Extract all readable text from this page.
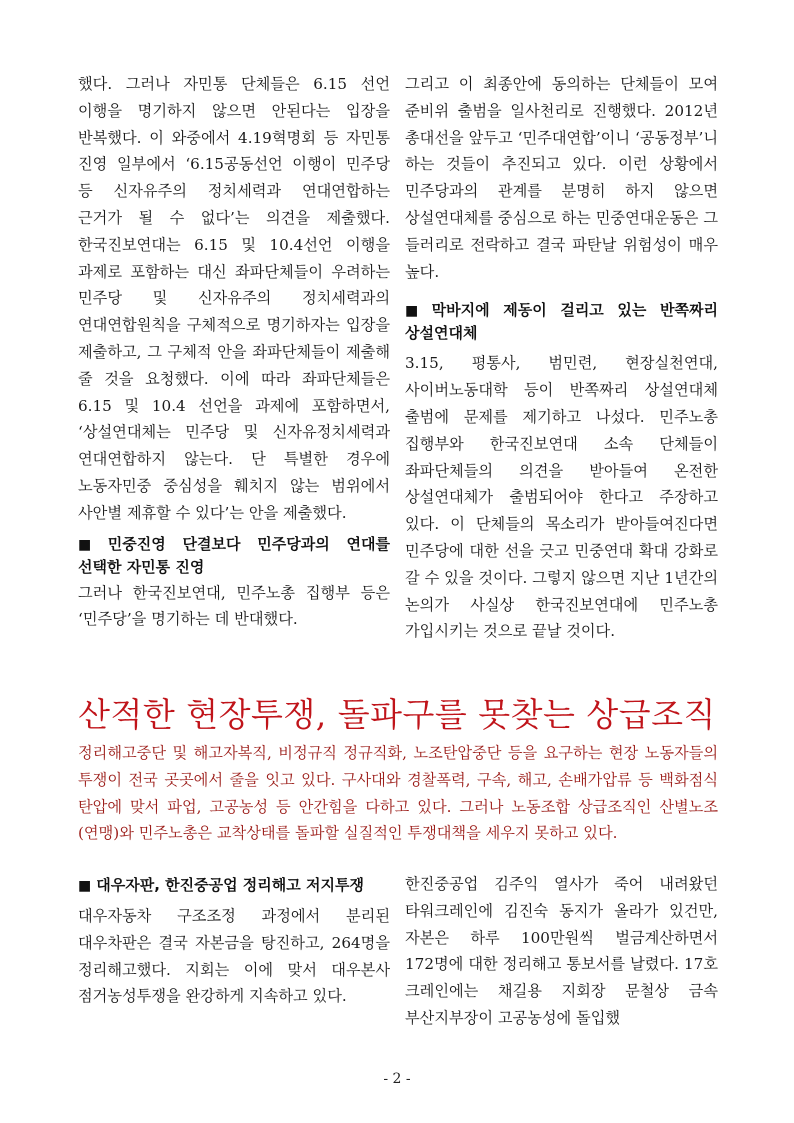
했다. 그러나 자민통 단체들은 6.15 선언 이행을 명기하지 않으면 안된다는 입장을 반복했다. 이 와중에서 4.19혁명회 등 자민통 진영 일부에서 ‘6.15공동선언 이행이 민주당 등 신자유주의 정치세력과 연대연합하는 근거가 될 수 없다’는 의견을 제출했다. 한국진보연대는 6.15 및 10.4선언 이행을 과제로 포함하는 대신 좌파단체들이 우려하는 민주당 및 신자유주의 정치세력과의 연대연합원칙을 구체적으로 명기하자는 입장을 제출하고, 그 구체적 안을 좌파단체들이 제출해 줄 것을 요청했다. 이에 따라 좌파단체들은 6.15 및 10.4 선언을 과제에 포함하면서, ‘상설연대체는 민주당 및 신자유정치세력과 연대연합하지 않는다. 단 특별한 경우에 노동자민중 중심성을 훼치지 않는 범위에서 사안별 제휴할 수 있다’는 안을 제출했다.

■ 민중진영 단결보다 민주당과의 연대를 선택한 자민통 진영

그러나 한국진보연대, 민주노총 집행부 등은 ‘민주당’을 명기하는 데 반대했다.

그리고 이 최종안에 동의하는 단체들이 모여 준비위 출범을 일사천리로 진행했다. 2012년 총대선을 앞두고 ‘민주대연합’이니 ‘공동정부’니 하는 것들이 추진되고 있다. 이런 상황에서 민주당과의 관계를 분명히 하지 않으면 상설연대체를 중심으로 하는 민중연대운동은 그 들러리로 전락하고 결국 파탄날 위험성이 매우 높다.

■ 막바지에 제동이 걸리고 있는 반쪽짜리 상설연대체

3.15, 평통사, 범민련, 현장실천연대, 사이버노동대학 등이 반쪽짜리 상설연대체 출범에 문제를 제기하고 나섰다. 민주노총 집행부와 한국진보연대 소속 단체들이 좌파단체들의 의견을 받아들여 온전한 상설연대체가 출범되어야 한다고 주장하고 있다. 이 단체들의 목소리가 받아들여진다면 민주당에 대한 선을 긋고 민중연대 확대 강화로 갈 수 있을 것이다. 그렇지 않으면 지난 1년간의 논의가 사실상 한국진보연대에 민주노총 가입시키는 것으로 끝날 것이다.

산적한 현장투쟁, 돌파구를 못찾는 상급조직
정리해고중단 및 해고자복직, 비정규직 정규직화, 노조탄압중단 등을 요구하는 현장 노동자들의 투쟁이 전국 곳곳에서 줄을 잇고 있다. 구사대와 경찰폭력, 구속, 해고, 손배가압류 등 백화점식 탄압에 맞서 파업, 고공농성 등 안간힘을 다하고 있다. 그러나 노동조합 상급조직인 산별노조(연맹)와 민주노총은 교착상태를 돌파할 실질적인 투쟁대책을 세우지 못하고 있다.
■ 대우자판, 한진중공업 정리해고 저지투쟁

대우자동차 구조조정 과정에서 분리된 대우차판은 결국 자본금을 탕진하고, 264명을 정리해고했다. 지회는 이에 맞서 대우본사 점거농성투쟁을 완강하게 지속하고 있다.

한진중공업 김주익 열사가 죽어 내려왔던 타워크레인에 김진숙 동지가 올라가 있건만, 자본은 하루 100만원씩 벌금계산하면서 172명에 대한 정리해고 통보서를 날렸다. 17호 크레인에는 채길용 지회장 문철상 금속 부산지부장이 고공농성에 돌입했

- 2 -
